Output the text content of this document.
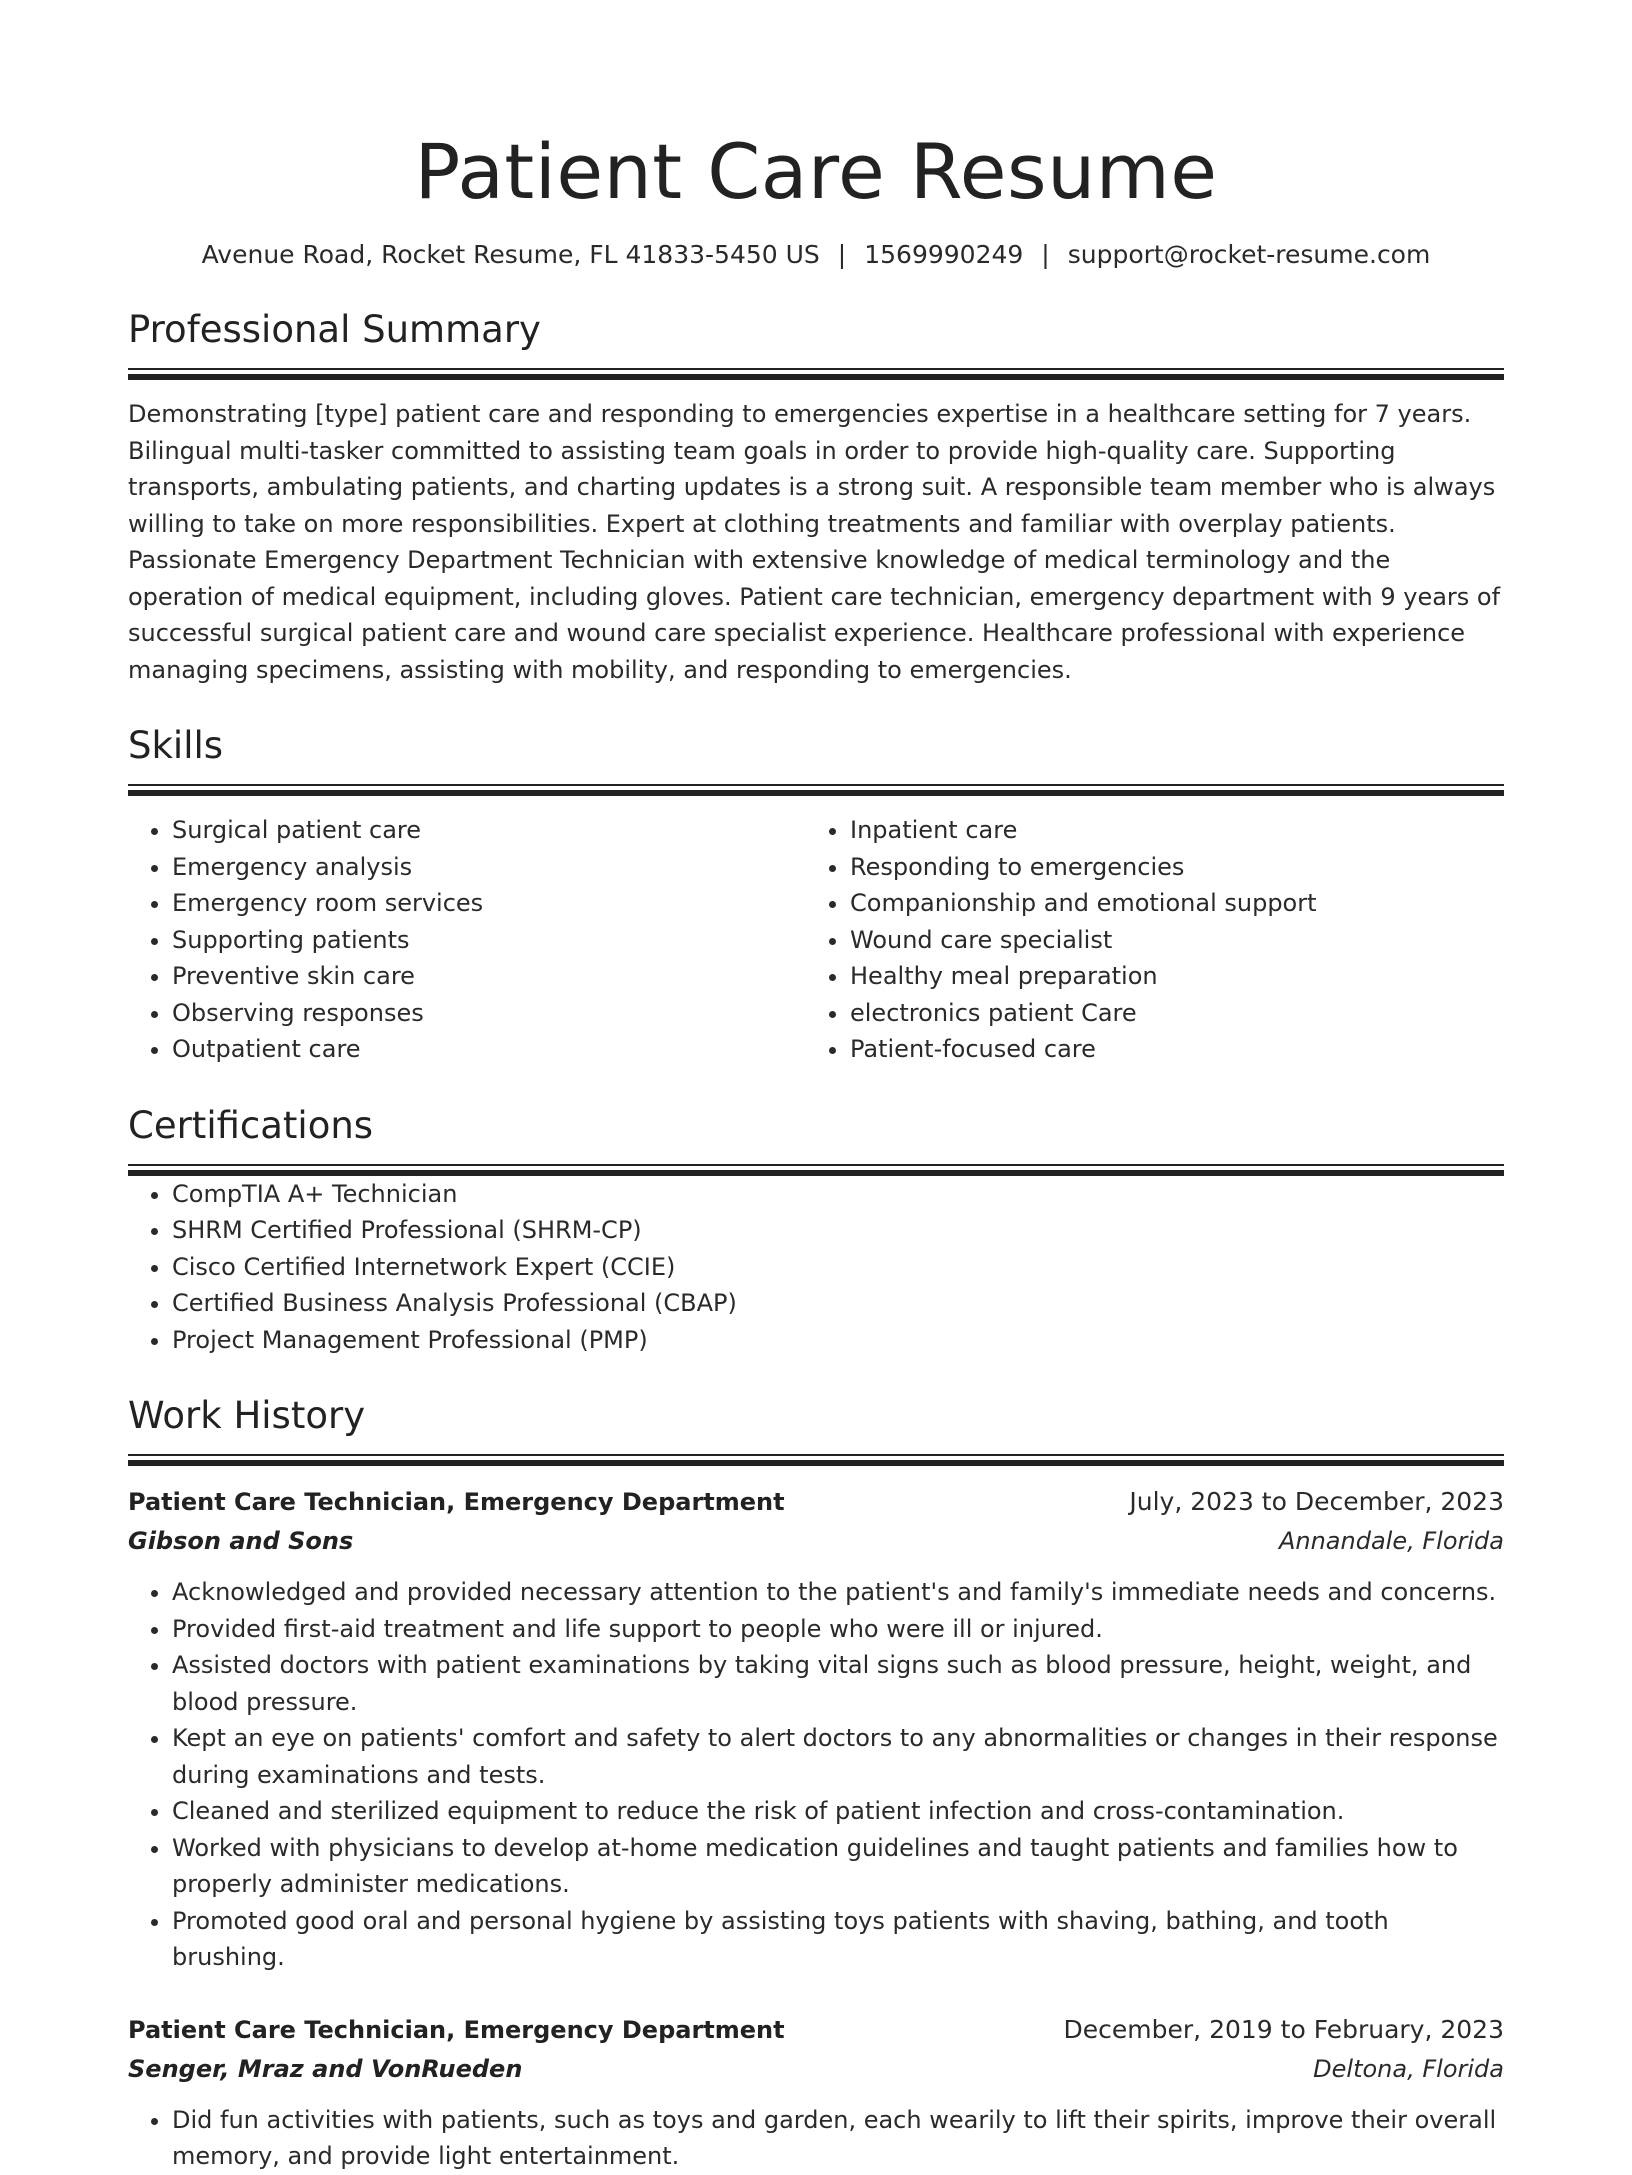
Patient Care Resume
Avenue Road, Rocket Resume, FL 41833-5450 US | 1569990249 | support@rocket-resume.com
Professional Summary

Demonstrating [type] patient care and responding to emergencies expertise in a healthcare setting for 7 years. Bilingual multi-tasker committed to assisting team goals in order to provide high-quality care. Supporting transports, ambulating patients, and charting updates is a strong suit. A responsible team member who is always willing to take on more responsibilities. Expert at clothing treatments and familiar with overplay patients. Passionate Emergency Department Technician with extensive knowledge of medical terminology and the operation of medical equipment, including gloves. Patient care technician, emergency department with 9 years of successful surgical patient care and wound care specialist experience. Healthcare professional with experience managing specimens, assisting with mobility, and responding to emergencies.

Skills
• Surgical patient care
• Emergency analysis
• Emergency room services
• Supporting patients
• Preventive skin care
• Observing responses
• Outpatient care
• Inpatient care
• Responding to emergencies
• Companionship and emotional support
• Wound care specialist
• Healthy meal preparation
• electronics patient Care
• Patient-focused care
Certifications
• CompTIA A+ Technician
• SHRM Certified Professional (SHRM-CP)
• Cisco Certified Internetwork Expert (CCIE)
• Certified Business Analysis Professional (CBAP)
• Project Management Professional (PMP)
Work History
Patient Care Technician, Emergency Department	July, 2023 to December, 2023
Gibson and Sons	Annandale, Florida
• Acknowledged and provided necessary attention to the patient's and family's immediate needs and concerns.
• Provided first-aid treatment and life support to people who were ill or injured.
• Assisted doctors with patient examinations by taking vital signs such as blood pressure, height, weight, and blood pressure.
• Kept an eye on patients' comfort and safety to alert doctors to any abnormalities or changes in their response during examinations and tests.
• Cleaned and sterilized equipment to reduce the risk of patient infection and cross-contamination.
• Worked with physicians to develop at-home medication guidelines and taught patients and families how to properly administer medications.
• Promoted good oral and personal hygiene by assisting toys patients with shaving, bathing, and tooth brushing.
Patient Care Technician, Emergency Department	December, 2019 to February, 2023
Senger, Mraz and VonRueden	Deltona, Florida
• Did fun activities with patients, such as toys and garden, each wearily to lift their spirits, improve their overall memory, and provide light entertainment.
